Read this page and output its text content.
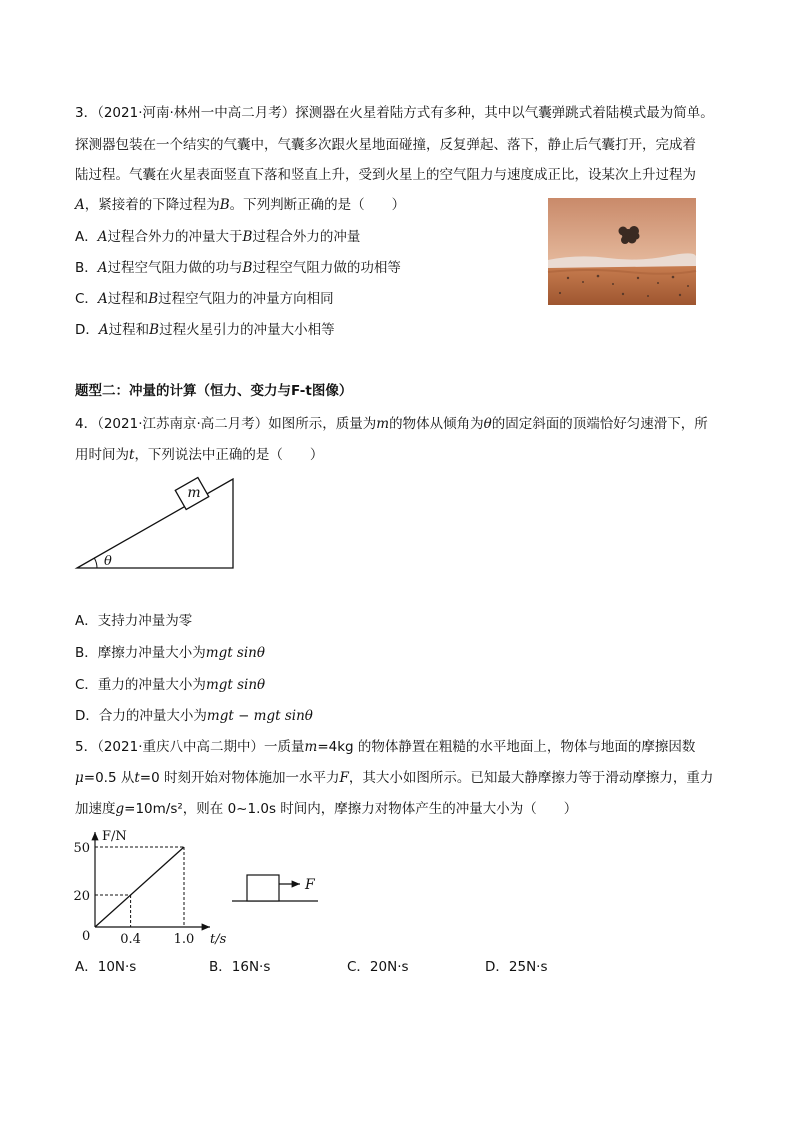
3．（2021·河南·林州一中高二月考）探测器在火星着陆方式有多种，其中以气囊弹跳式着陆模式最为简单。
探测器包装在一个结实的气囊中，气囊多次跟火星地面碰撞，反复弹起、落下，静止后气囊打开，完成着
陆过程。气囊在火星表面竖直下落和竖直上升，受到火星上的空气阻力与速度成正比，设某次上升过程为
A，紧接着的下降过程为B。下列判断正确的是（　　）
A．A过程合外力的冲量大于B过程合外力的冲量
B．A过程空气阻力做的功与B过程空气阻力做的功相等
C．A过程和B过程空气阻力的冲量方向相同
D．A过程和B过程火星引力的冲量大小相等
题型二：冲量的计算（恒力、变力与F-t图像）
4．（2021·江苏南京·高二月考）如图所示，质量为m的物体从倾角为θ的固定斜面的顶端恰好匀速滑下，所
用时间为t，下列说法中正确的是（　　）
m
θ
A．支持力冲量为零
B．摩擦力冲量大小为mgt sinθ
C．重力的冲量大小为mgt sinθ
D．合力的冲量大小为mgt − mgt sinθ
5．（2021·重庆八中高二期中）一质量m=4kg 的物体静置在粗糙的水平地面上，物体与地面的摩擦因数
μ=0.5 从t=0 时刻开始对物体施加一水平力F，其大小如图所示。已知最大静摩擦力等于滑动摩擦力，重力
加速度g=10m/s²，则在 0~1.0s 时间内，摩擦力对物体产生的冲量大小为（　　）
F/N
t/s
0
20
50
0.4	1.0
F
A．10N·s	B．16N·s	C．20N·s	D．25N·s
